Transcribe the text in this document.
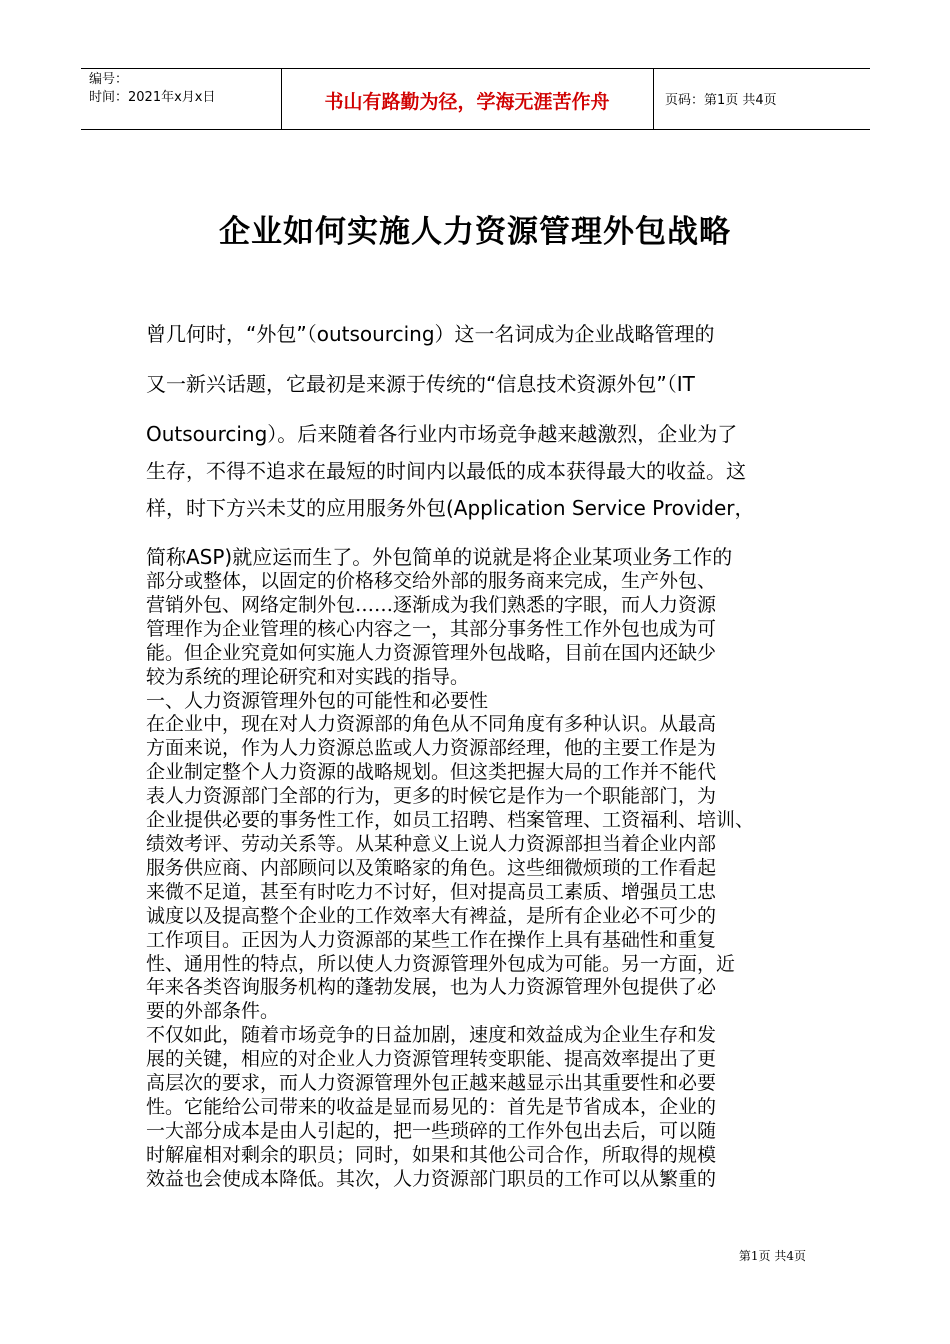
编号：
时间：2021年x月x日	书山有路勤为径，学海无涯苦作舟	页码：第1页 共4页
企业如何实施人力资源管理外包战略
曾几何时，“外包”（outsourcing）这一名词成为企业战略管理的
又一新兴话题，它最初是来源于传统的“信息技术资源外包”（IT
Outsourcing）。后来随着各行业内市场竞争越来越激烈，企业为了
生存，不得不追求在最短的时间内以最低的成本获得最大的收益。这
样，时下方兴未艾的应用服务外包(Application Service Provider，
简称ASP)就应运而生了。外包简单的说就是将企业某项业务工作的
部分或整体，以固定的价格移交给外部的服务商来完成，生产外包、
营销外包、网络定制外包……逐渐成为我们熟悉的字眼，而人力资源
管理作为企业管理的核心内容之一，其部分事务性工作外包也成为可
能。但企业究竟如何实施人力资源管理外包战略，目前在国内还缺少
较为系统的理论研究和对实践的指导。
一、人力资源管理外包的可能性和必要性
在企业中，现在对人力资源部的角色从不同角度有多种认识。从最高
方面来说，作为人力资源总监或人力资源部经理，他的主要工作是为
企业制定整个人力资源的战略规划。但这类把握大局的工作并不能代
表人力资源部门全部的行为，更多的时候它是作为一个职能部门，为
企业提供必要的事务性工作，如员工招聘、档案管理、工资福利、培训、
绩效考评、劳动关系等。从某种意义上说人力资源部担当着企业内部
服务供应商、内部顾问以及策略家的角色。这些细微烦琐的工作看起
来微不足道，甚至有时吃力不讨好，但对提高员工素质、增强员工忠
诚度以及提高整个企业的工作效率大有裨益，是所有企业必不可少的
工作项目。正因为人力资源部的某些工作在操作上具有基础性和重复
性、通用性的特点，所以使人力资源管理外包成为可能。另一方面，近
年来各类咨询服务机构的蓬勃发展，也为人力资源管理外包提供了必
要的外部条件。
不仅如此，随着市场竞争的日益加剧，速度和效益成为企业生存和发
展的关键，相应的对企业人力资源管理转变职能、提高效率提出了更
高层次的要求，而人力资源管理外包正越来越显示出其重要性和必要
性。它能给公司带来的收益是显而易见的：首先是节省成本，企业的
一大部分成本是由人引起的，把一些琐碎的工作外包出去后，可以随
时解雇相对剩余的职员；同时，如果和其他公司合作，所取得的规模
效益也会使成本降低。其次，人力资源部门职员的工作可以从繁重的
第1页 共4页
